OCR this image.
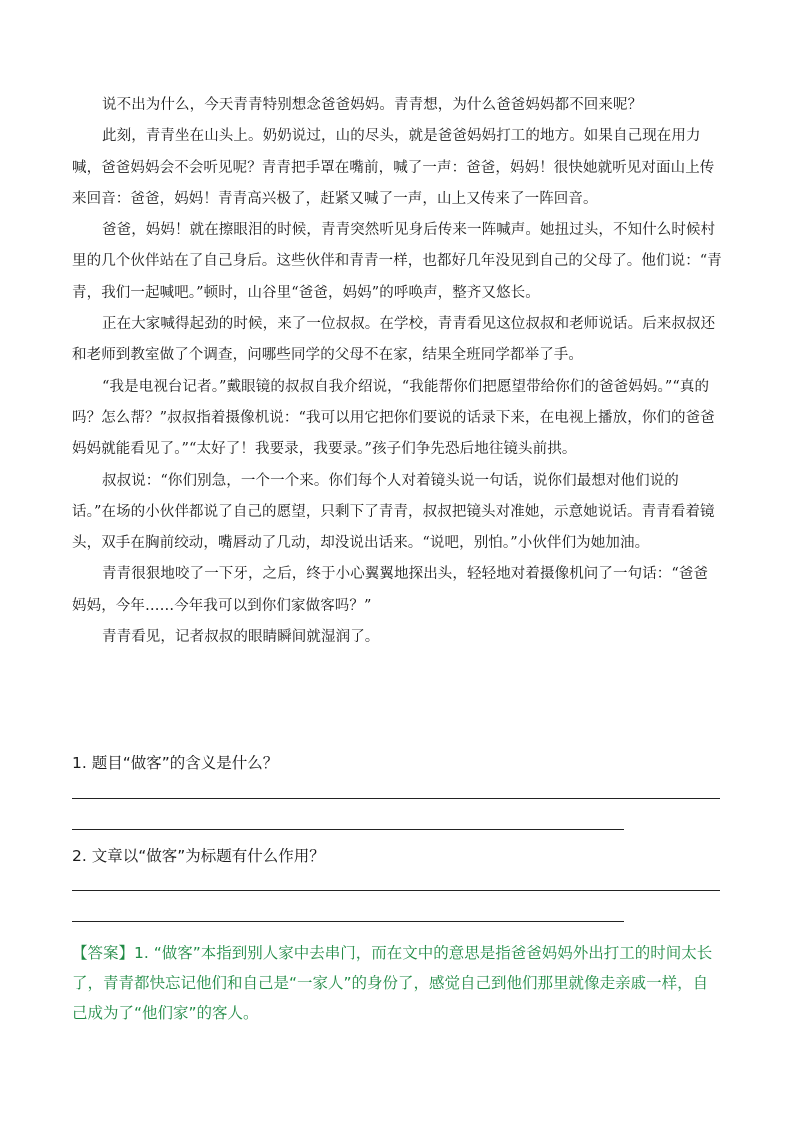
说不出为什么，今天青青特别想念爸爸妈妈。青青想，为什么爸爸妈妈都不回来呢？

此刻，青青坐在山头上。奶奶说过，山的尽头，就是爸爸妈妈打工的地方。如果自己现在用力喊，爸爸妈妈会不会听见呢？青青把手罩在嘴前，喊了一声：爸爸，妈妈！很快她就听见对面山上传来回音：爸爸，妈妈！青青高兴极了，赶紧又喊了一声，山上又传来了一阵回音。

爸爸，妈妈！就在擦眼泪的时候，青青突然听见身后传来一阵喊声。她扭过头，不知什么时候村里的几个伙伴站在了自己身后。这些伙伴和青青一样，也都好几年没见到自己的父母了。他们说：“青青，我们一起喊吧。”顿时，山谷里“爸爸，妈妈”的呼唤声，整齐又悠长。

正在大家喊得起劲的时候，来了一位叔叔。在学校，青青看见这位叔叔和老师说话。后来叔叔还和老师到教室做了个调查，问哪些同学的父母不在家，结果全班同学都举了手。

“我是电视台记者。”戴眼镜的叔叔自我介绍说，“我能帮你们把愿望带给你们的爸爸妈妈。”“真的吗？怎么帮？”叔叔指着摄像机说：“我可以用它把你们要说的话录下来，在电视上播放，你们的爸爸妈妈就能看见了。”“太好了！我要录，我要录。”孩子们争先恐后地往镜头前拱。

叔叔说：“你们别急，一个一个来。你们每个人对着镜头说一句话，说你们最想对他们说的话。”在场的小伙伴都说了自己的愿望，只剩下了青青，叔叔把镜头对准她，示意她说话。青青看着镜头，双手在胸前绞动，嘴唇动了几动，却没说出话来。“说吧，别怕。”小伙伴们为她加油。

青青很狠地咬了一下牙，之后，终于小心翼翼地探出头，轻轻地对着摄像机问了一句话：“爸爸妈妈，今年……今年我可以到你们家做客吗？”

青青看见，记者叔叔的眼睛瞬间就湿润了。

1. 题目“做客”的含义是什么？
2. 文章以“做客”为标题有什么作用？
【答案】1. “做客”本指到别人家中去串门，而在文中的意思是指爸爸妈妈外出打工的时间太长了，青青都快忘记他们和自己是“一家人”的身份了，感觉自己到他们那里就像走亲戚一样，自己成为了“他们家”的客人。
